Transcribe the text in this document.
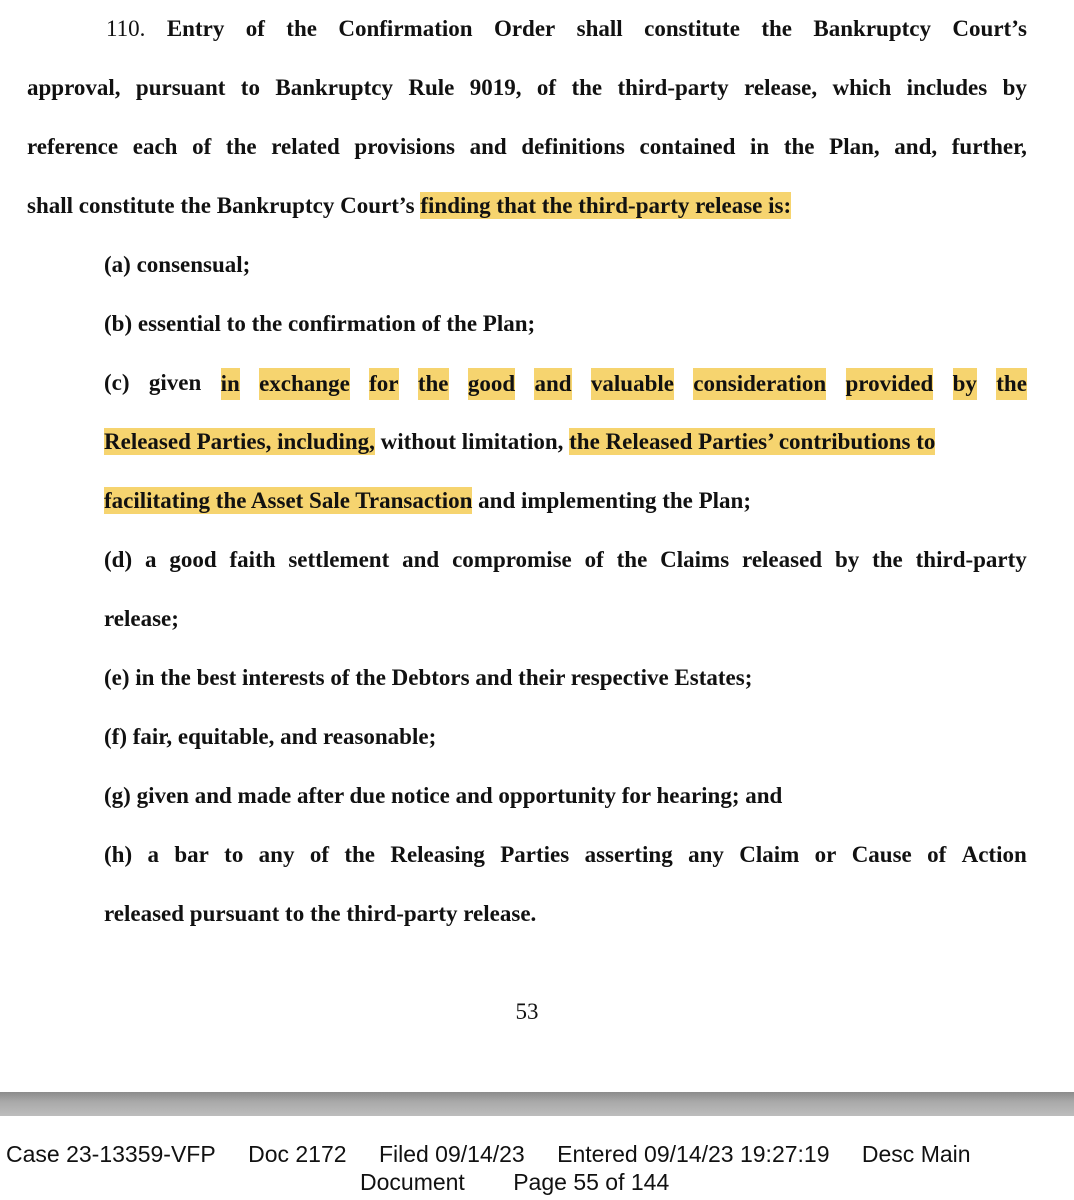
110. Entry of the Confirmation Order shall constitute the Bankruptcy Court’s
approval, pursuant to Bankruptcy Rule 9019, of the third-party release, which includes by
reference each of the related provisions and definitions contained in the Plan, and, further,
shall constitute the Bankruptcy Court’s finding that the third-party release is:
(a) consensual;
(b) essential to the confirmation of the Plan;
(c) given in exchange for the good and valuable consideration provided by the
Released Parties, including, without limitation, the Released Parties’ contributions to
facilitating the Asset Sale Transaction and implementing the Plan;
(d) a good faith settlement and compromise of the Claims released by the third-party
release;
(e) in the best interests of the Debtors and their respective Estates;
(f) fair, equitable, and reasonable;
(g) given and made after due notice and opportunity for hearing; and
(h) a bar to any of the Releasing Parties asserting any Claim or Cause of Action
released pursuant to the third-party release.
53
Case 23-13359-VFP Doc 2172 Filed 09/14/23 Entered 09/14/23 19:27:19 Desc Main
Document Page 55 of 144
